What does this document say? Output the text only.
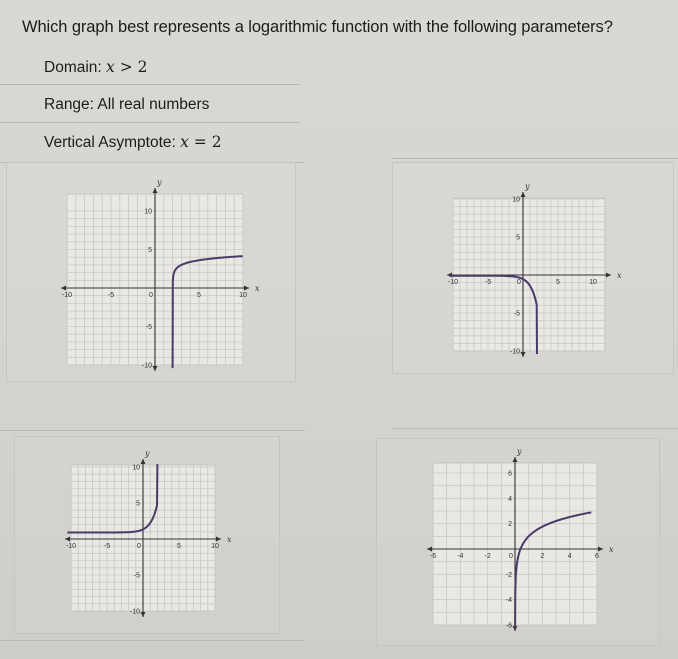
Which graph best represents a logarithmic function with the following parameters?
Domain: x > 2
Range: All real numbers
Vertical Asymptote: x = 2
x
y
0
-10	-5	5	10
10
5
-5
-10
x
y
0
-10	-5	5	10
10
5
-5
-10
x
y
0
-10	-5	5	10
10
5
-5
-10
x
y
0
-6	-4	-2	2	4	6
6
4
2
-2
-4
-6
